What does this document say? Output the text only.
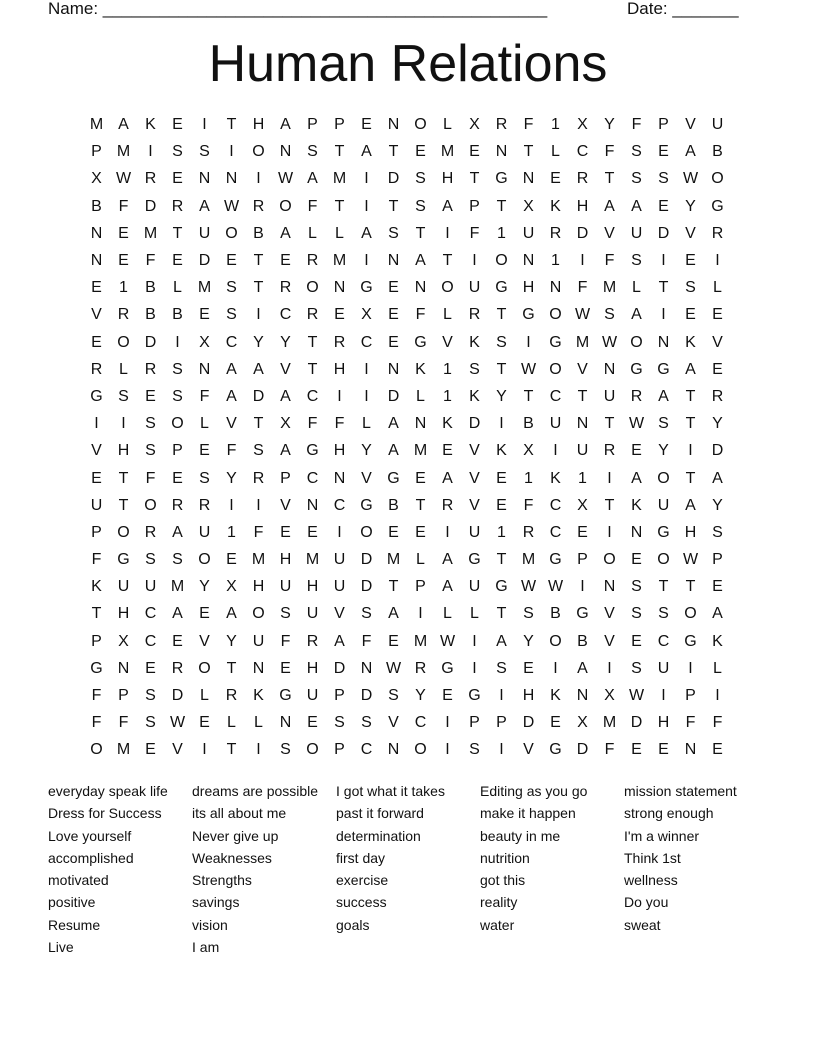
Name: _______________________________________________	Date: _______
Human Relations
M A	K	E	I	T	H A	P	P	E N O	L	X R	F	1	X	Y	F	P	V U
P M	I	S	S	I	O N S	T	A	T	E M E N	T	L	C	F	S	E	A	B
X W R E N N	I	W A M	I	D S H	T G N E R	T	S	S W O
B	F	D R A W R O F	T	I	T	S	A	P	T	X	K H A	A	E	Y G
N E M T	U O B	A	L	L	A	S	T	I	F	1	U R D V U D V R
N E	F	E D E	T	E R M	I	N A	T	I	O N	1	I	F	S	I	E	I
E	1	B	L M S	T	R O N G E N O U G H N	F M L	T	S	L
V R B	B	E	S	I	C R E	X	E	F	L	R	T G O W S	A	I	E	E
E O D	I	X C Y	Y	T	R C E G V	K	S	I	G M W O N K	V
R	L	R S N A	A	V	T	H	I	N K	1	S	T W O V N G G A	E
G S	E	S	F	A D A C	I	I	D	L	1	K	Y	T	C	T	U R A	T	R
I	I	S O	L	V	T	X	F	F	L	A N K D	I	B U N	T W S	T	Y
V H S	P	E	F	S	A G H Y	A M E	V	K	X	I	U R E	Y	I	D
E	T	F	E	S	Y R P C N V G E	A	V	E	1	K	1	I	A O T	A
U	T O R R	I	I	V N C G B	T	R V	E	F	C X	T	K U A	Y
P O R A U	1	F	E	E	I	O E	E	I	U	1	R C E	I	N G H S
F G S	S O E M H M U D M L	A G T M G P O E O W P
K U U M Y	X H U H U D	T	P	A U G W W	I	N S	T	T	E
T	H C A	E	A O S U V	S	A	I	L	L	T	S	B G V	S	S O A
P	X C E	V	Y U	F	R A	F	E M W	I	A	Y O B	V	E C G K
G N E R O T	N E H D N W R G	I	S	E	I	A	I	S U	I	L
F	P	S D	L	R K G U P D S	Y	E G	I	H K N X W	I	P	I
F	F	S W E	L	L	N E	S	S	V C	I	P	P D E	X M D H	F	F
O M E	V	I	T	I	S O P C N O	I	S	I	V G D	F	E	E N E
everyday speak life
Dress for Success
Love yourself
accomplished
motivated
positive
Resume
Live
dreams are possible
its all about me
Never give up
Weaknesses
Strengths
savings
vision
I am
I got what it takes
past it forward
determination
first day
exercise
success
goals
Editing as you go
make it happen
beauty in me
nutrition
got this
reality
water
mission statement
strong enough
I'm a winner
Think 1st
wellness
Do you
sweat
